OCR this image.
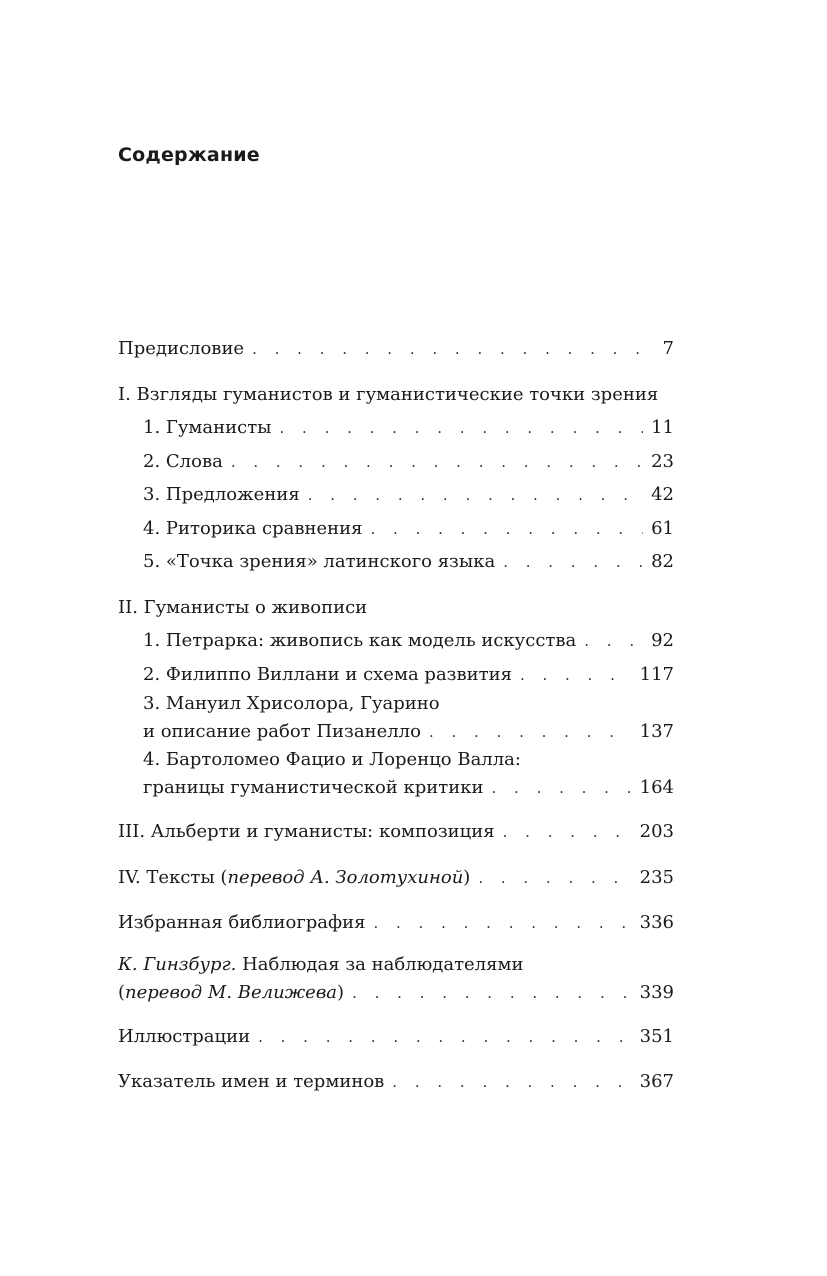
Содержание
Предисловие . . .	7
I. Взгляды гуманистов и гуманистические точки зрения
1. Гуманисты . . .	11
2. Слова . . .	23
3. Предложения . . .	42
4. Риторика сравнения . . .	61
5. «Точка зрения» латинского языка . . .	82
II. Гуманисты о живописи
1. Петрарка: живопись как модель искусства . . .	92
2. Филиппо Виллани и схема развития . . .	117
3. Мануил Хрисолора, Гуарино
и описание работ Пизанелло . . .	137
4. Бартоломео Фацио и Лоренцо Валла:
границы гуманистической критики . . .	164
III. Альберти и гуманисты: композиция . . .	203
IV. Тексты (перевод А. Золотухиной) . . .	235
Избранная библиография . . .	336
К. Гинзбург. Наблюдая за наблюдателями
(перевод М. Велижева) . . .	339
Иллюстрации . . .	351
Указатель имен и терминов . . .	367
